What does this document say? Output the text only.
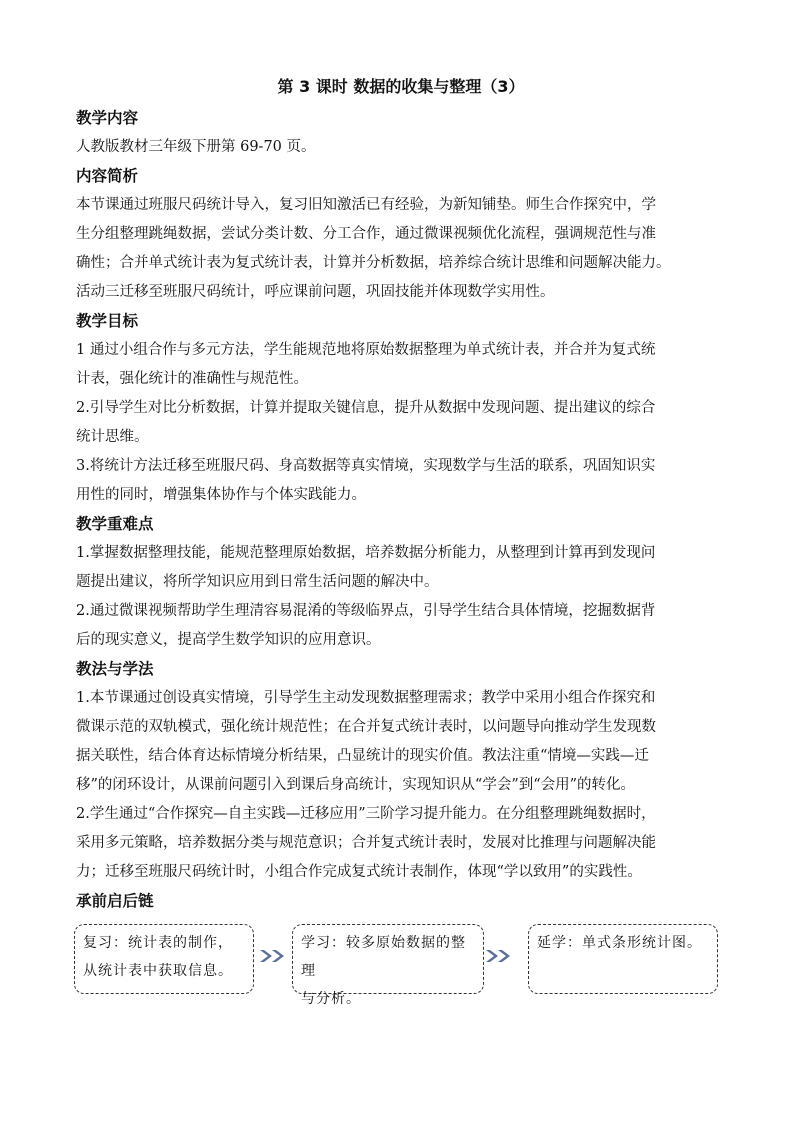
第 3 课时 数据的收集与整理（3）
教学内容
人教版教材三年级下册第 69-70 页。
内容简析
本节课通过班服尺码统计导入，复习旧知激活已有经验，为新知铺垫。师生合作探究中，学
生分组整理跳绳数据，尝试分类计数、分工合作，通过微课视频优化流程，强调规范性与准
确性；合并单式统计表为复式统计表，计算并分析数据，培养综合统计思维和问题解决能力。
活动三迁移至班服尺码统计，呼应课前问题，巩固技能并体现数学实用性。
教学目标
1 通过小组合作与多元方法，学生能规范地将原始数据整理为单式统计表，并合并为复式统
计表，强化统计的准确性与规范性。
2.引导学生对比分析数据，计算并提取关键信息，提升从数据中发现问题、提出建议的综合
统计思维。
3.将统计方法迁移至班服尺码、身高数据等真实情境，实现数学与生活的联系，巩固知识实
用性的同时，增强集体协作与个体实践能力。
教学重难点
1.掌握数据整理技能，能规范整理原始数据，培养数据分析能力，从整理到计算再到发现问
题提出建议，将所学知识应用到日常生活问题的解决中。
2.通过微课视频帮助学生理清容易混淆的等级临界点，引导学生结合具体情境，挖掘数据背
后的现实意义，提高学生数学知识的应用意识。
教法与学法
1.本节课通过创设真实情境，引导学生主动发现数据整理需求；教学中采用小组合作探究和
微课示范的双轨模式，强化统计规范性；在合并复式统计表时，以问题导向推动学生发现数
据关联性，结合体育达标情境分析结果，凸显统计的现实价值。教法注重“情境—实践—迁
移”的闭环设计，从课前问题引入到课后身高统计，实现知识从“学会”到“会用”的转化。
2.学生通过“合作探究—自主实践—迁移应用”三阶学习提升能力。在分组整理跳绳数据时，
采用多元策略，培养数据分类与规范意识；合并复式统计表时，发展对比推理与问题解决能
力；迁移至班服尺码统计时，小组合作完成复式统计表制作，体现“学以致用”的实践性。
承前启后链
复习：统计表的制作，
从统计表中获取信息。
学习：较多原始数据的整理
与分析。
延学：单式条形统计图。
